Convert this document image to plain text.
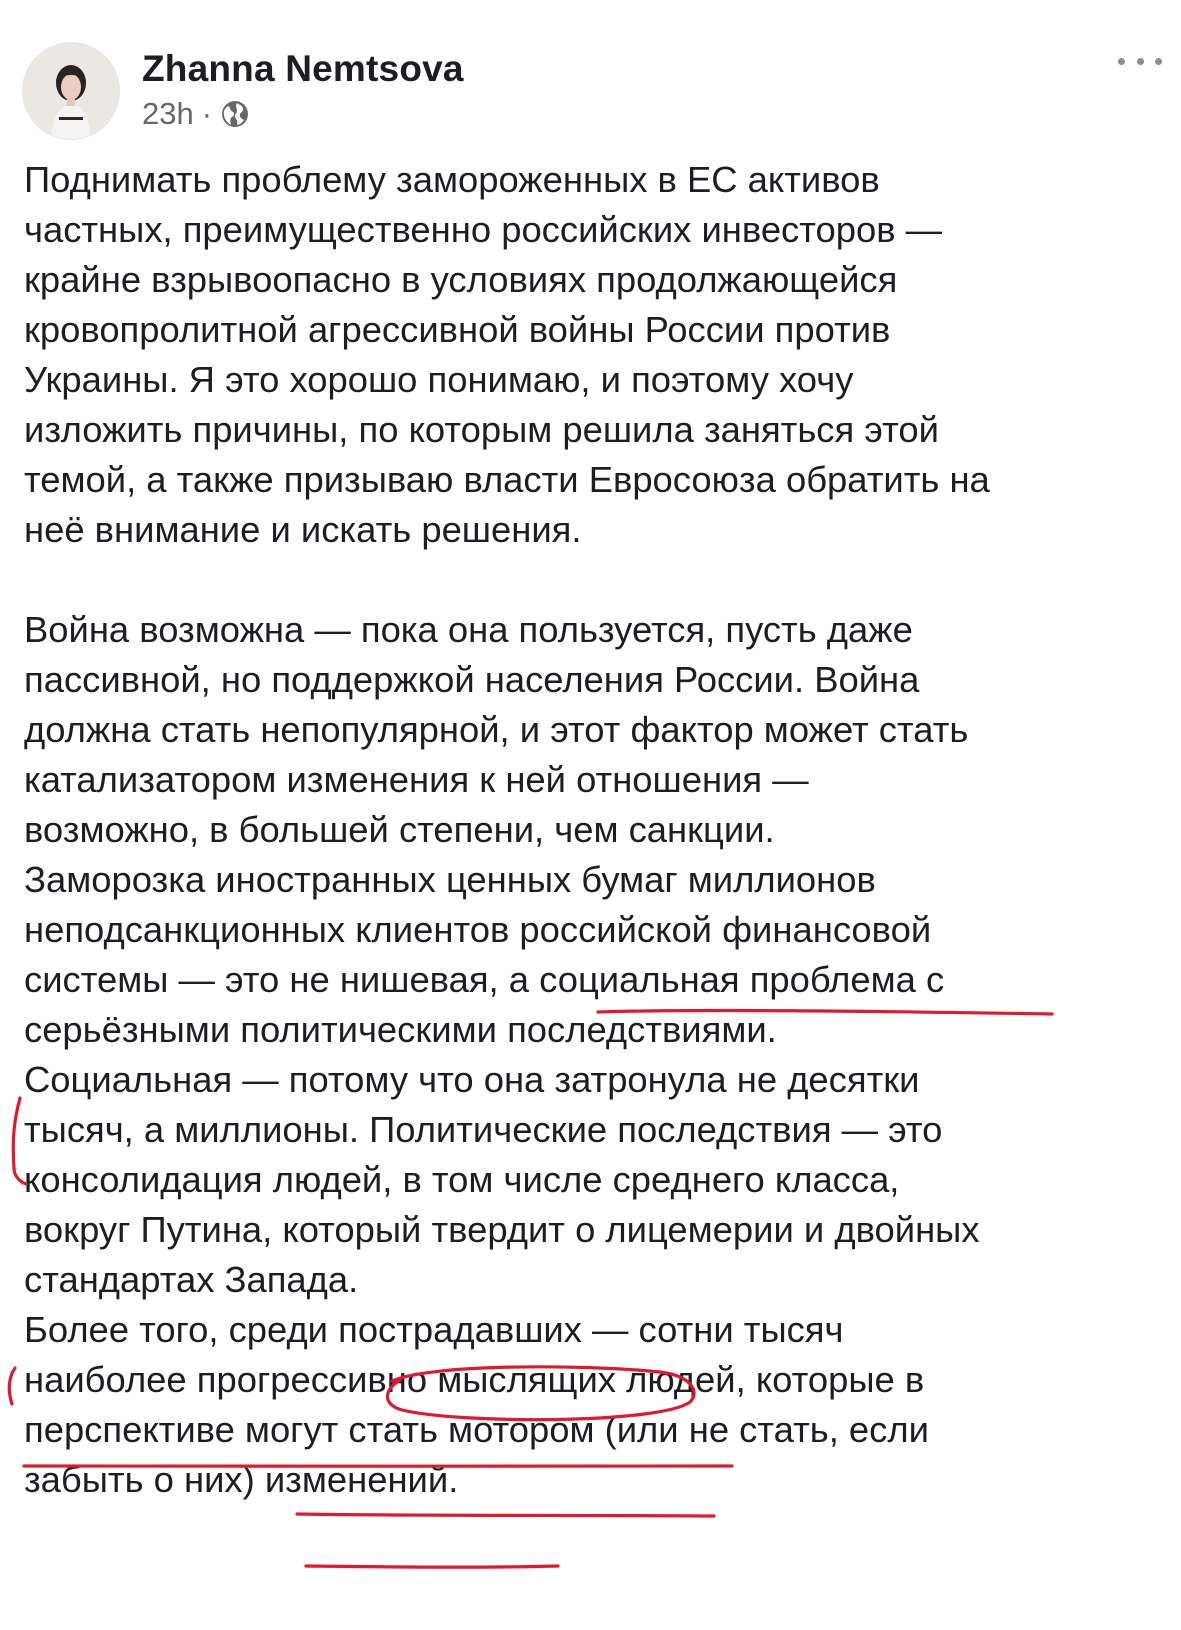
Zhanna Nemtsova
23h ·
Поднимать проблему замороженных в ЕС активов
частных, преимущественно российских инвесторов —
крайне взрывоопасно в условиях продолжающейся
кровопролитной агрессивной войны России против
Украины. Я это хорошо понимаю, и поэтому хочу
изложить причины, по которым решила заняться этой
темой, а также призываю власти Евросоюза обратить на
неё внимание и искать решения.
Война возможна — пока она пользуется, пусть даже
пассивной, но поддержкой населения России. Война
должна стать непопулярной, и этот фактор может стать
катализатором изменения к ней отношения —
возможно, в большей степени, чем санкции.
Заморозка иностранных ценных бумаг миллионов
неподсанкционных клиентов российской финансовой
системы — это не нишевая, а социальная проблема с
серьёзными политическими последствиями.
Социальная — потому что она затронула не десятки
тысяч, а миллионы. Политические последствия — это
консолидация людей, в том числе среднего класса,
вокруг Путина, который твердит о лицемерии и двойных
стандартах Запада.
Более того, среди пострадавших — сотни тысяч
наиболее прогрессивно мыслящих людей, которые в
перспективе могут стать мотором (или не стать, если
забыть о них) изменений.
